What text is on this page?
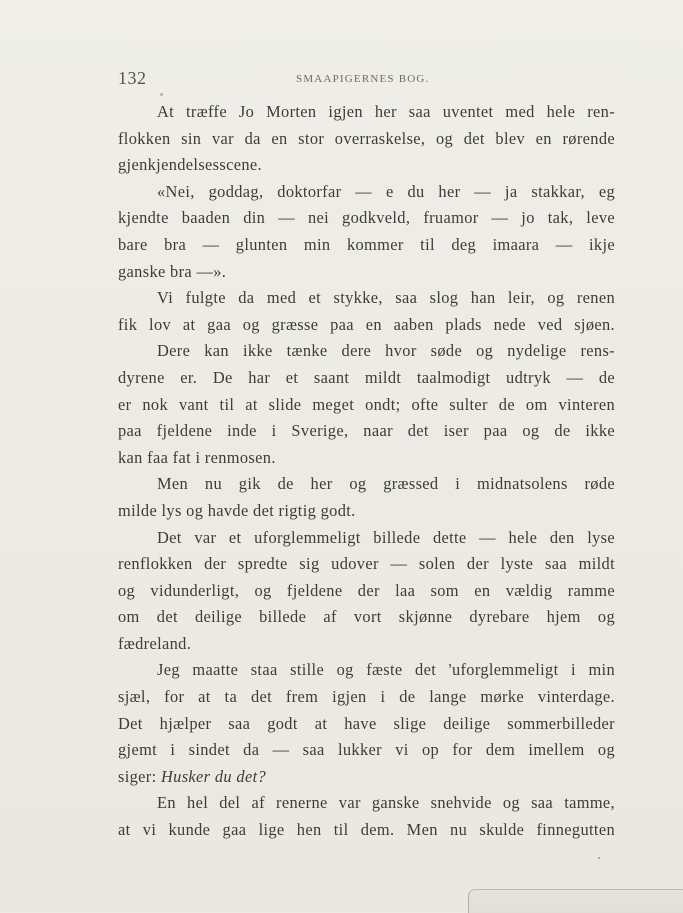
132	SMAAPIGERNES BOG.
At træffe Jo Morten igjen her saa uventet med hele ren-
flokken sin var da en stor overraskelse, og det blev en rørende
gjenkjendelsesscene.
«Nei, goddag, doktorfar — e du her — ja stakkar, eg
kjendte baaden din — nei godkveld, fruamor — jo tak, leve
bare bra — glunten min kommer til deg imaara — ikje
ganske bra —».
Vi fulgte da med et stykke, saa slog han leir, og renen
fik lov at gaa og græsse paa en aaben plads nede ved sjøen.
Dere kan ikke tænke dere hvor søde og nydelige rens-
dyrene er. De har et saant mildt taalmodigt udtryk — de
er nok vant til at slide meget ondt; ofte sulter de om vinteren
paa fjeldene inde i Sverige, naar det iser paa og de ikke
kan faa fat i renmosen.
Men nu gik de her og græssed i midnatsolens røde
milde lys og havde det rigtig godt.
Det var et uforglemmeligt billede dette — hele den lyse
renflokken der spredte sig udover — solen der lyste saa mildt
og vidunderligt, og fjeldene der laa som en vældig ramme
om det deilige billede af vort skjønne dyrebare hjem og
fædreland.
Jeg maatte staa stille og fæste det 'uforglemmeligt i min
sjæl, for at ta det frem igjen i de lange mørke vinterdage.
Det hjælper saa godt at have slige deilige sommerbilleder
gjemt i sindet da — saa lukker vi op for dem imellem og
siger: Husker du det?
En hel del af renerne var ganske snehvide og saa tamme,
at vi kunde gaa lige hen til dem. Men nu skulde finnegutten
